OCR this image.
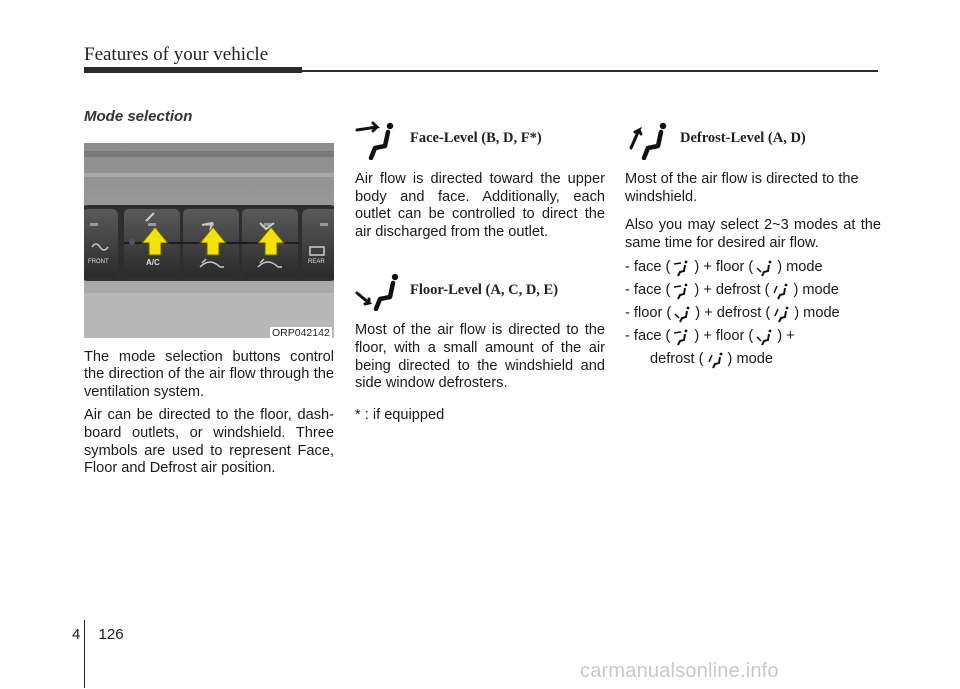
Features of your vehicle

Mode selection

FRONT	A/C	REAR
ORP042142

The mode selection buttons control the direction of the air flow through the ventilation system.

Air can be directed to the floor, dash-board outlets, or windshield. Three symbols are used to represent Face, Floor and Defrost air position.

Face-Level (B, D, F*)

Air flow is directed toward the upper body and face. Additionally, each outlet can be controlled to direct the air discharged from the outlet.

Floor-Level (A, C, D, E)

Most of the air flow is directed to the floor, with a small amount of the air being directed to the windshield and side window defrosters.

* : if equipped

Defrost-Level (A, D)

Most of the air flow is directed to the windshield.

Also you may select 2~3 modes at the same time for desired air flow.

- face ( ) + floor ( ) mode
- face ( ) + defrost ( ) mode
- floor ( ) + defrost ( ) mode
- face ( ) + floor ( ) +
defrost ( ) mode
4 126
carmanualsonline.info
